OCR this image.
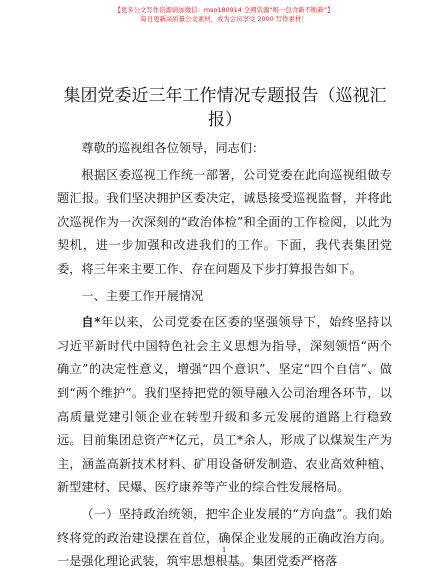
【更多公文写作资源请加微信：mso180914 全网资源“唯一包含新不断新”】
每日更新高质量公文素材，成为会员享受 2000 写作素材！
集团党委近三年工作情况专题报告（巡视汇报）

尊敬的巡视组各位领导，同志们：

根据区委巡视工作统一部署，公司党委在此向巡视组做专题汇报。我们坚决拥护区委决定，诚恳接受巡视监督，并将此次巡视作为一次深刻的“政治体检”和全面的工作检阅，以此为契机，进一步加强和改进我们的工作。下面，我代表集团党委，将三年来主要工作、存在问题及下步打算报告如下。

一、主要工作开展情况

自*年以来，公司党委在区委的坚强领导下，始终坚持以习近平新时代中国特色社会主义思想为指导，深刻领悟“两个确立”的决定性意义，增强“四个意识”、坚定“四个自信”、做到“两个维护”。我们坚持把党的领导融入公司治理各环节，以高质量党建引领企业在转型升级和多元发展的道路上行稳致远。目前集团总资产*亿元，员工*余人，形成了以煤炭生产为主，涵盖高新技术材料、矿用设备研发制造、农业高效种植、新型建材、民爆、医疗康养等产业的综合性发展格局。

（一）坚持政治统领，把牢企业发展的“方向盘”。我们始终将党的政治建设摆在首位，确保企业发展的正确政治方向。一是强化理论武装，筑牢思想根基。集团党委严格落

1
